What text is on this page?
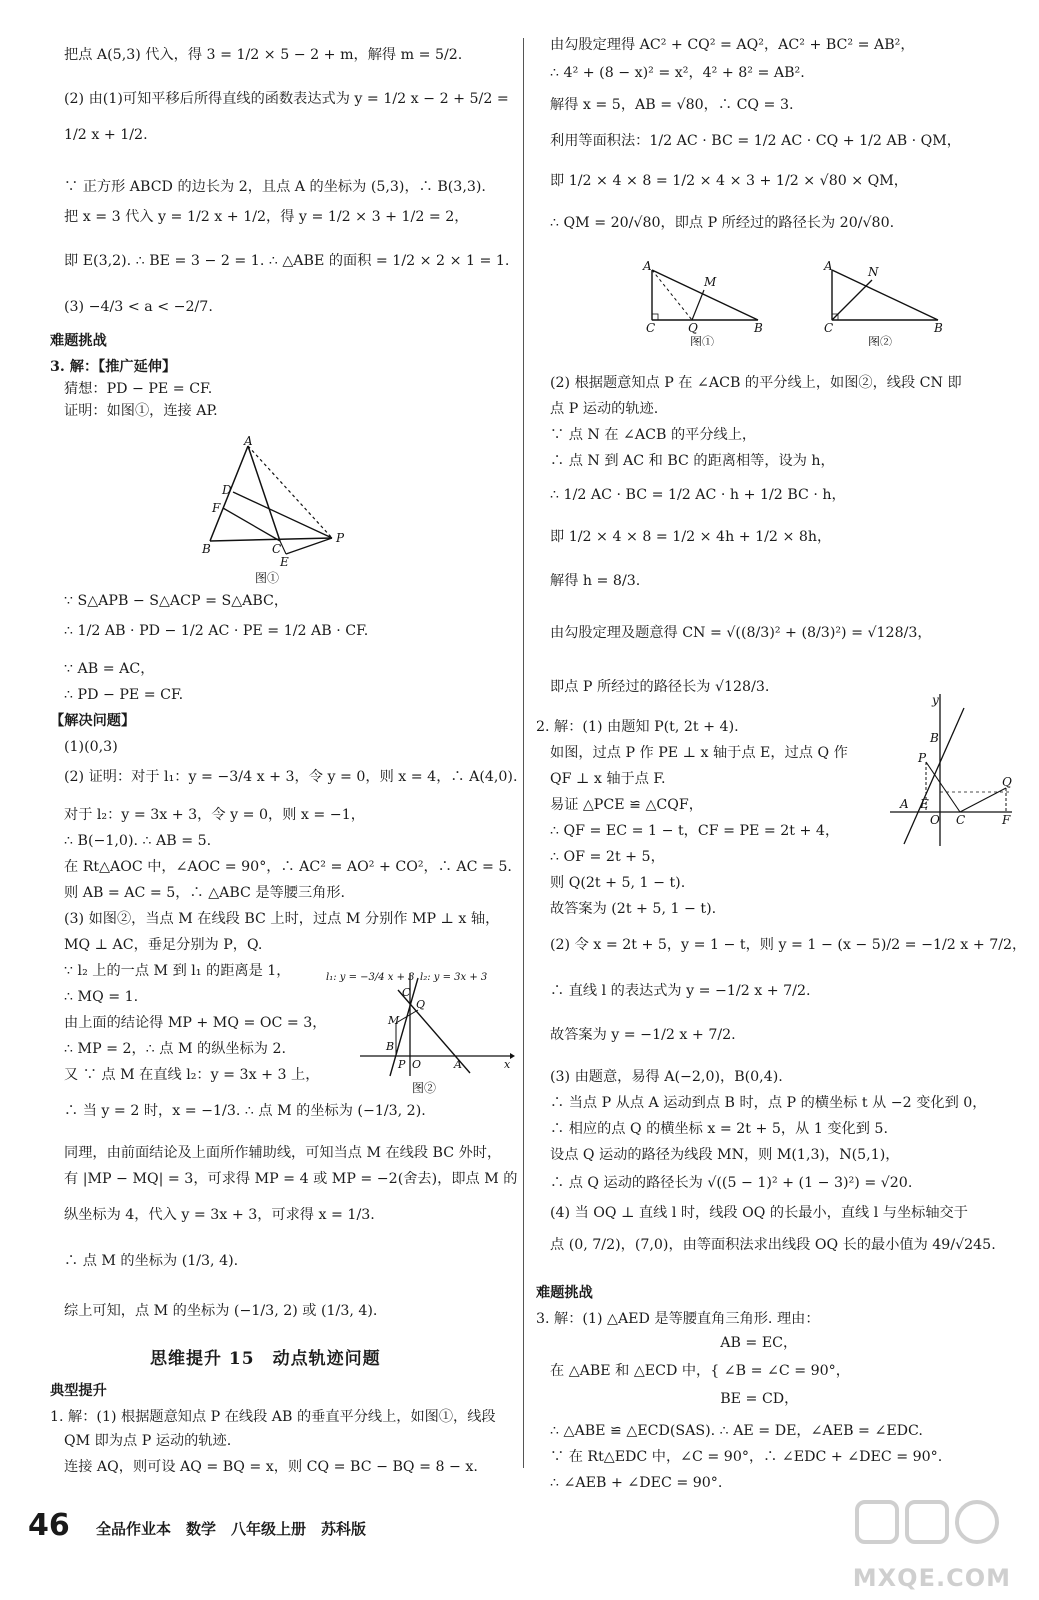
把点 A(5,3) 代入，得 3 = 1/2 × 5 − 2 + m，解得 m = 5/2.
(2) 由(1)可知平移后所得直线的函数表达式为 y = 1/2 x − 2 + 5/2 =
1/2 x + 1/2.
∵ 正方形 ABCD 的边长为 2，且点 A 的坐标为 (5,3)，∴ B(3,3).
把 x = 3 代入 y = 1/2 x + 1/2，得 y = 1/2 × 3 + 1/2 = 2，
即 E(3,2). ∴ BE = 3 − 2 = 1. ∴ △ABE 的面积 = 1/2 × 2 × 1 = 1.
(3) −4/3 < a < −2/7.
难题挑战
3. 解：【推广延伸】
猜想：PD − PE = CF.
证明：如图①，连接 AP.
∵ S△APB − S△ACP = S△ABC，
∴ 1/2 AB · PD − 1/2 AC · PE = 1/2 AB · CF.
∵ AB = AC，
∴ PD − PE = CF.
【解决问题】
(1)(0,3)
(2) 证明：对于 l₁：y = −3/4 x + 3，令 y = 0，则 x = 4，∴ A(4,0).
对于 l₂：y = 3x + 3，令 y = 0，则 x = −1，
∴ B(−1,0). ∴ AB = 5.
在 Rt△AOC 中，∠AOC = 90°，∴ AC² = AO² + CO²，∴ AC = 5.
则 AB = AC = 5，∴ △ABC 是等腰三角形.
(3) 如图②，当点 M 在线段 BC 上时，过点 M 分别作 MP ⊥ x 轴，
MQ ⊥ AC，垂足分别为 P，Q.
∵ l₂ 上的一点 M 到 l₁ 的距离是 1，
∴ MQ = 1.
由上面的结论得 MP + MQ = OC = 3，
∴ MP = 2，∴ 点 M 的纵坐标为 2.
又 ∵ 点 M 在直线 l₂：y = 3x + 3 上，
∴ 当 y = 2 时，x = −1/3. ∴ 点 M 的坐标为 (−1/3, 2).
同理，由前面结论及上面所作辅助线，可知当点 M 在线段 BC 外时，
有 |MP − MQ| = 3，可求得 MP = 4 或 MP = −2(舍去)，即点 M 的
纵坐标为 4，代入 y = 3x + 3，可求得 x = 1/3.
∴ 点 M 的坐标为 (1/3, 4).
综上可知，点 M 的坐标为 (−1/3, 2) 或 (1/3, 4).
思维提升 15　动点轨迹问题
典型提升
1. 解：(1) 根据题意知点 P 在线段 AB 的垂直平分线上，如图①，线段
QM 即为点 P 运动的轨迹.
连接 AQ，则可设 AQ = BQ = x，则 CQ = BC − BQ = 8 − x.
由勾股定理得 AC² + CQ² = AQ²，AC² + BC² = AB²，
∴ 4² + (8 − x)² = x²，4² + 8² = AB².
解得 x = 5，AB = √80，∴ CQ = 3.
利用等面积法：1/2 AC · BC = 1/2 AC · CQ + 1/2 AB · QM，
即 1/2 × 4 × 8 = 1/2 × 4 × 3 + 1/2 × √80 × QM，
∴ QM = 20/√80，即点 P 所经过的路径长为 20/√80.
(2) 根据题意知点 P 在 ∠ACB 的平分线上，如图②，线段 CN 即
点 P 运动的轨迹.
∵ 点 N 在 ∠ACB 的平分线上，
∴ 点 N 到 AC 和 BC 的距离相等，设为 h，
∴ 1/2 AC · BC = 1/2 AC · h + 1/2 BC · h，
即 1/2 × 4 × 8 = 1/2 × 4h + 1/2 × 8h，
解得 h = 8/3.
由勾股定理及题意得 CN = √((8/3)² + (8/3)²) = √128/3，
即点 P 所经过的路径长为 √128/3.
2. 解：(1) 由题知 P(t, 2t + 4).
如图，过点 P 作 PE ⊥ x 轴于点 E，过点 Q 作
QF ⊥ x 轴于点 F.
易证 △PCE ≌ △CQF，
∴ QF = EC = 1 − t，CF = PE = 2t + 4，
∴ OF = 2t + 5，
则 Q(2t + 5, 1 − t).
故答案为 (2t + 5, 1 − t).
(2) 令 x = 2t + 5，y = 1 − t，则 y = 1 − (x − 5)/2 = −1/2 x + 7/2，
∴ 直线 l 的表达式为 y = −1/2 x + 7/2.
故答案为 y = −1/2 x + 7/2.
(3) 由题意，易得 A(−2,0)，B(0,4).
∴ 当点 P 从点 A 运动到点 B 时，点 P 的横坐标 t 从 −2 变化到 0，
∴ 相应的点 Q 的横坐标 x = 2t + 5，从 1 变化到 5.
设点 Q 运动的路径为线段 MN，则 M(1,3)，N(5,1)，
∴ 点 Q 运动的路径长为 √((5 − 1)² + (1 − 3)²) = √20.
(4) 当 OQ ⊥ 直线 l 时，线段 OQ 的长最小，直线 l 与坐标轴交于
点 (0, 7/2)，(7,0)，由等面积法求出线段 OQ 长的最小值为 49/√245.
难题挑战
3. 解：(1) △AED 是等腰直角三角形. 理由：
　　　　　　　　　　　　AB = EC，
在 △ABE 和 △ECD 中，{ ∠B = ∠C = 90°，
　　　　　　　　　　　　BE = CD，
∴ △ABE ≌ △ECD(SAS). ∴ AE = DE，∠AEB = ∠EDC.
∵ 在 Rt△EDC 中，∠C = 90°，∴ ∠EDC + ∠DEC = 90°.
∴ ∠AEB + ∠DEC = 90°.
A
D
F
B	C
E
P
图①
l₁: y = −3/4 x + 3 l₂: y = 3x + 3
C
Q
M
B
P O	A	x
图②
A
M
C	Q	B
图①
A	N
C	B
图②
y
B
P
Q
A E
O C	F
46 全品作业本　数学　八年级上册　苏科版
MXQE.COM
